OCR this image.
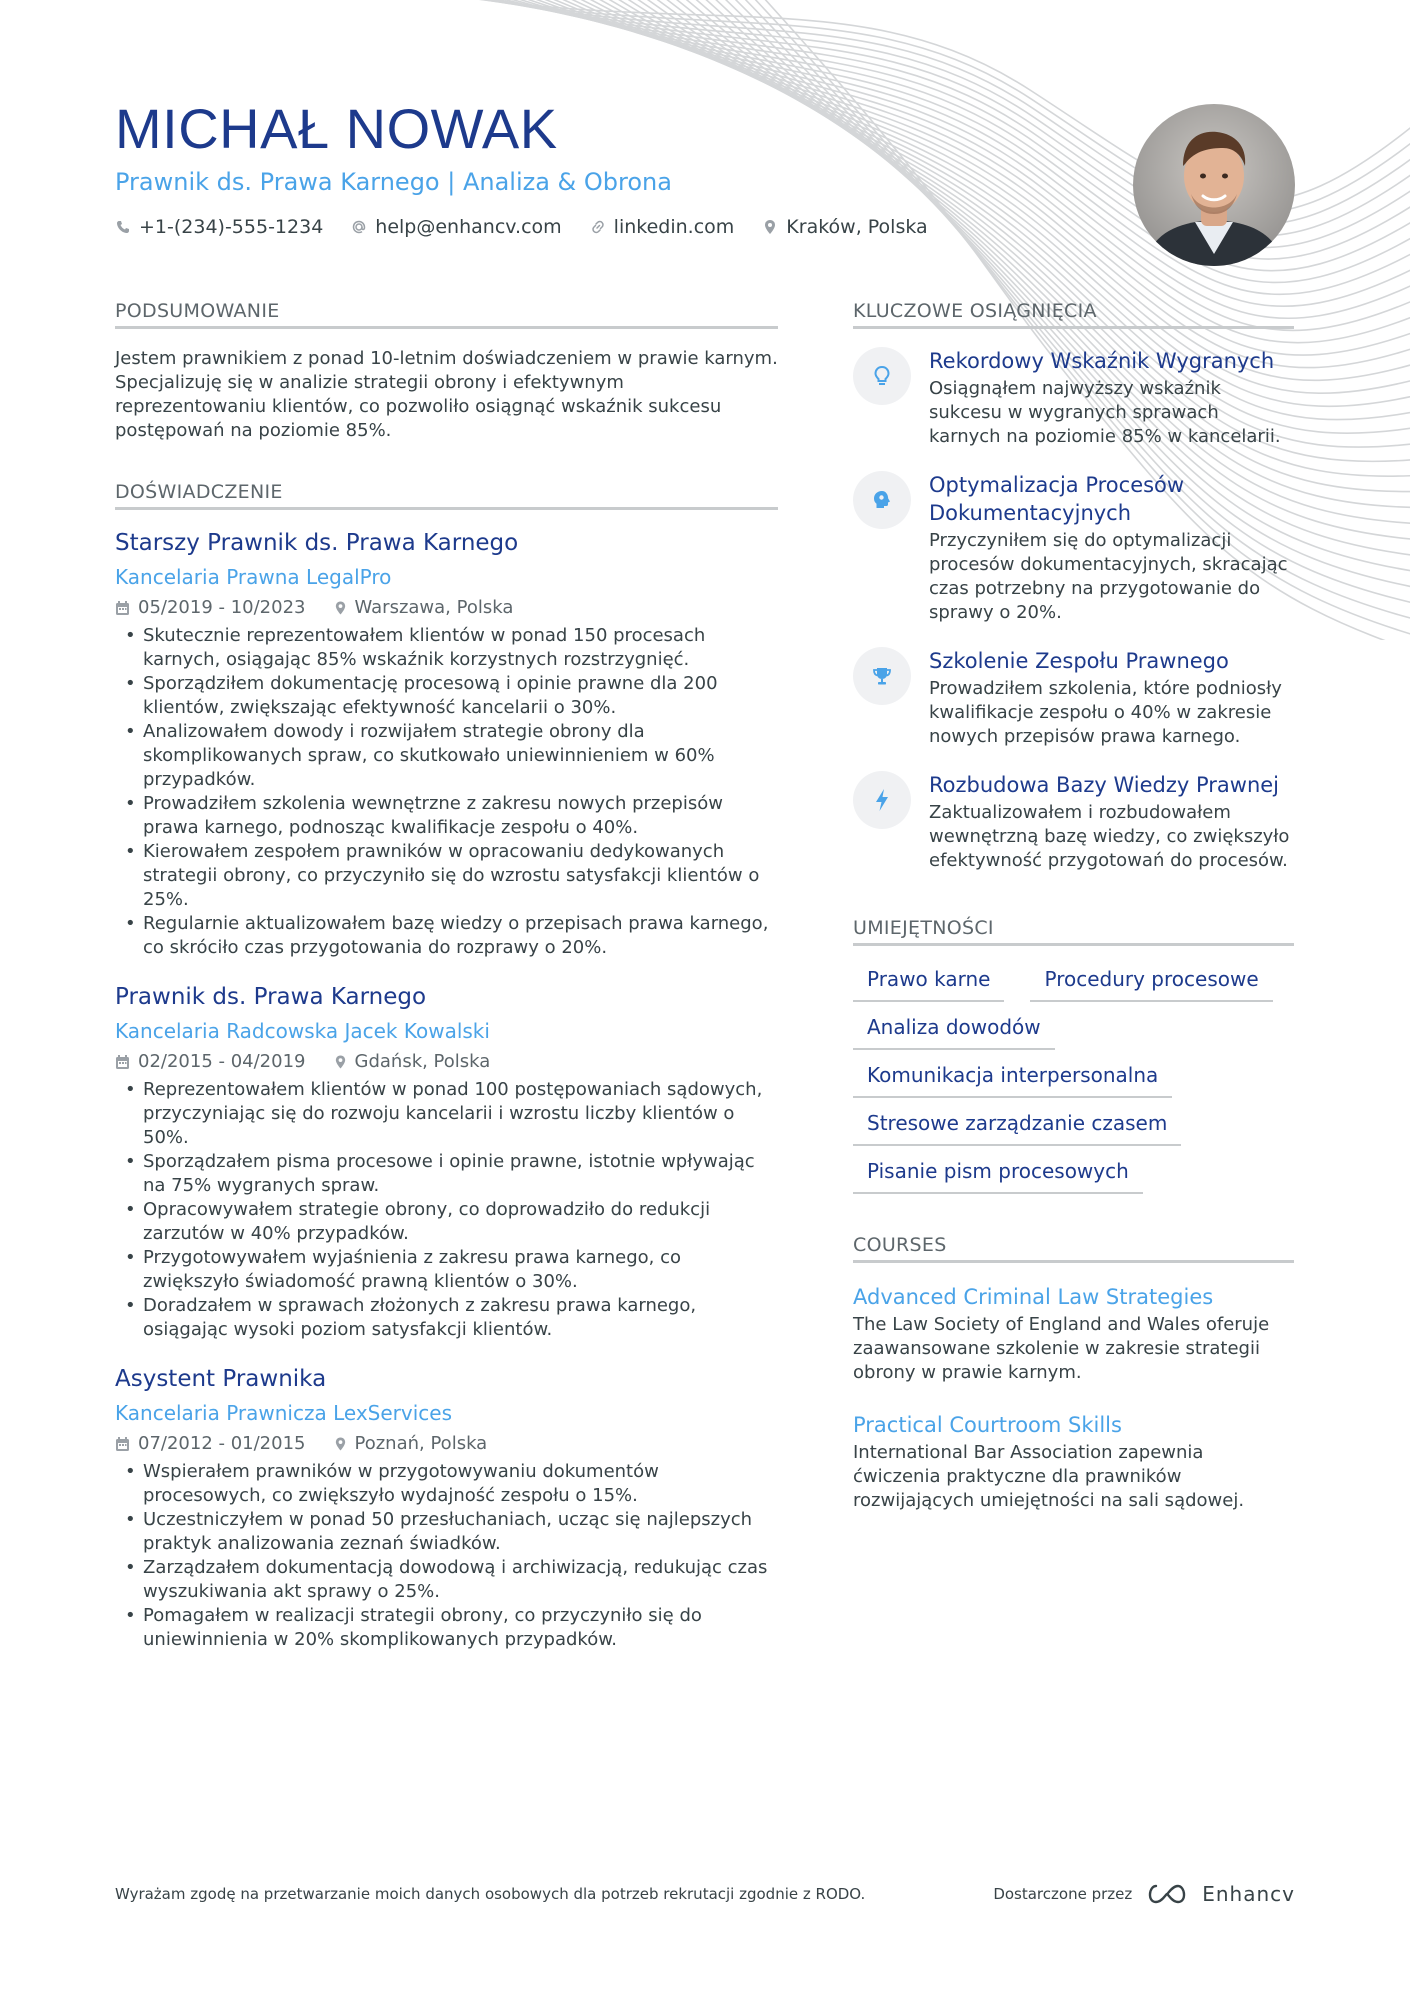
MICHAŁ NOWAK
Prawnik ds. Prawa Karnego | Analiza & Obrona
+1-(234)-555-1234	help@enhancv.com	linkedin.com	Kraków, Polska
PODSUMOWANIE

Jestem prawnikiem z ponad 10-letnim doświadczeniem w prawie karnym. Specjalizuję się w analizie strategii obrony i efektywnym reprezentowaniu klientów, co pozwoliło osiągnąć wskaźnik sukcesu postępowań na poziomie 85%.

DOŚWIADCZENIE
Starszy Prawnik ds. Prawa Karnego
Kancelaria Prawna LegalPro
05/2019 - 10/2023	Warszawa, Polska
• Skutecznie reprezentowałem klientów w ponad 150 procesach karnych, osiągając 85% wskaźnik korzystnych rozstrzygnięć.
• Sporządziłem dokumentację procesową i opinie prawne dla 200 klientów, zwiększając efektywność kancelarii o 30%.
• Analizowałem dowody i rozwijałem strategie obrony dla skomplikowanych spraw, co skutkowało uniewinnieniem w 60% przypadków.
• Prowadziłem szkolenia wewnętrzne z zakresu nowych przepisów prawa karnego, podnosząc kwalifikacje zespołu o 40%.
• Kierowałem zespołem prawników w opracowaniu dedykowanych strategii obrony, co przyczyniło się do wzrostu satysfakcji klientów o 25%.
• Regularnie aktualizowałem bazę wiedzy o przepisach prawa karnego, co skróciło czas przygotowania do rozprawy o 20%.
Prawnik ds. Prawa Karnego
Kancelaria Radcowska Jacek Kowalski
02/2015 - 04/2019	Gdańsk, Polska
• Reprezentowałem klientów w ponad 100 postępowaniach sądowych, przyczyniając się do rozwoju kancelarii i wzrostu liczby klientów o 50%.
• Sporządzałem pisma procesowe i opinie prawne, istotnie wpływając na 75% wygranych spraw.
• Opracowywałem strategie obrony, co doprowadziło do redukcji zarzutów w 40% przypadków.
• Przygotowywałem wyjaśnienia z zakresu prawa karnego, co zwiększyło świadomość prawną klientów o 30%.
• Doradzałem w sprawach złożonych z zakresu prawa karnego, osiągając wysoki poziom satysfakcji klientów.
Asystent Prawnika
Kancelaria Prawnicza LexServices
07/2012 - 01/2015	Poznań, Polska
• Wspierałem prawników w przygotowywaniu dokumentów procesowych, co zwiększyło wydajność zespołu o 15%.
• Uczestniczyłem w ponad 50 przesłuchaniach, ucząc się najlepszych praktyk analizowania zeznań świadków.
• Zarządzałem dokumentacją dowodową i archiwizacją, redukując czas wyszukiwania akt sprawy o 25%.
• Pomagałem w realizacji strategii obrony, co przyczyniło się do uniewinnienia w 20% skomplikowanych przypadków.
KLUCZOWE OSIĄGNIĘCIA
Rekordowy Wskaźnik Wygranych
Osiągnąłem najwyższy wskaźnik sukcesu w wygranych sprawach karnych na poziomie 85% w kancelarii.
Optymalizacja Procesów Dokumentacyjnych
Przyczyniłem się do optymalizacji procesów dokumentacyjnych, skracając czas potrzebny na przygotowanie do sprawy o 20%.
Szkolenie Zespołu Prawnego
Prowadziłem szkolenia, które podniosły kwalifikacje zespołu o 40% w zakresie nowych przepisów prawa karnego.
Rozbudowa Bazy Wiedzy Prawnej
Zaktualizowałem i rozbudowałem wewnętrzną bazę wiedzy, co zwiększyło efektywność przygotowań do procesów.
UMIEJĘTNOŚCI
Prawo karne	Procedury procesowe
Analiza dowodów
Komunikacja interpersonalna
Stresowe zarządzanie czasem
Pisanie pism procesowych
COURSES
Advanced Criminal Law Strategies
The Law Society of England and Wales oferuje zaawansowane szkolenie w zakresie strategii obrony w prawie karnym.
Practical Courtroom Skills
International Bar Association zapewnia ćwiczenia praktyczne dla prawników rozwijających umiejętności na sali sądowej.
Wyrażam zgodę na przetwarzanie moich danych osobowych dla potrzeb rekrutacji zgodnie z RODO.	Dostarczone przez	Enhancv
